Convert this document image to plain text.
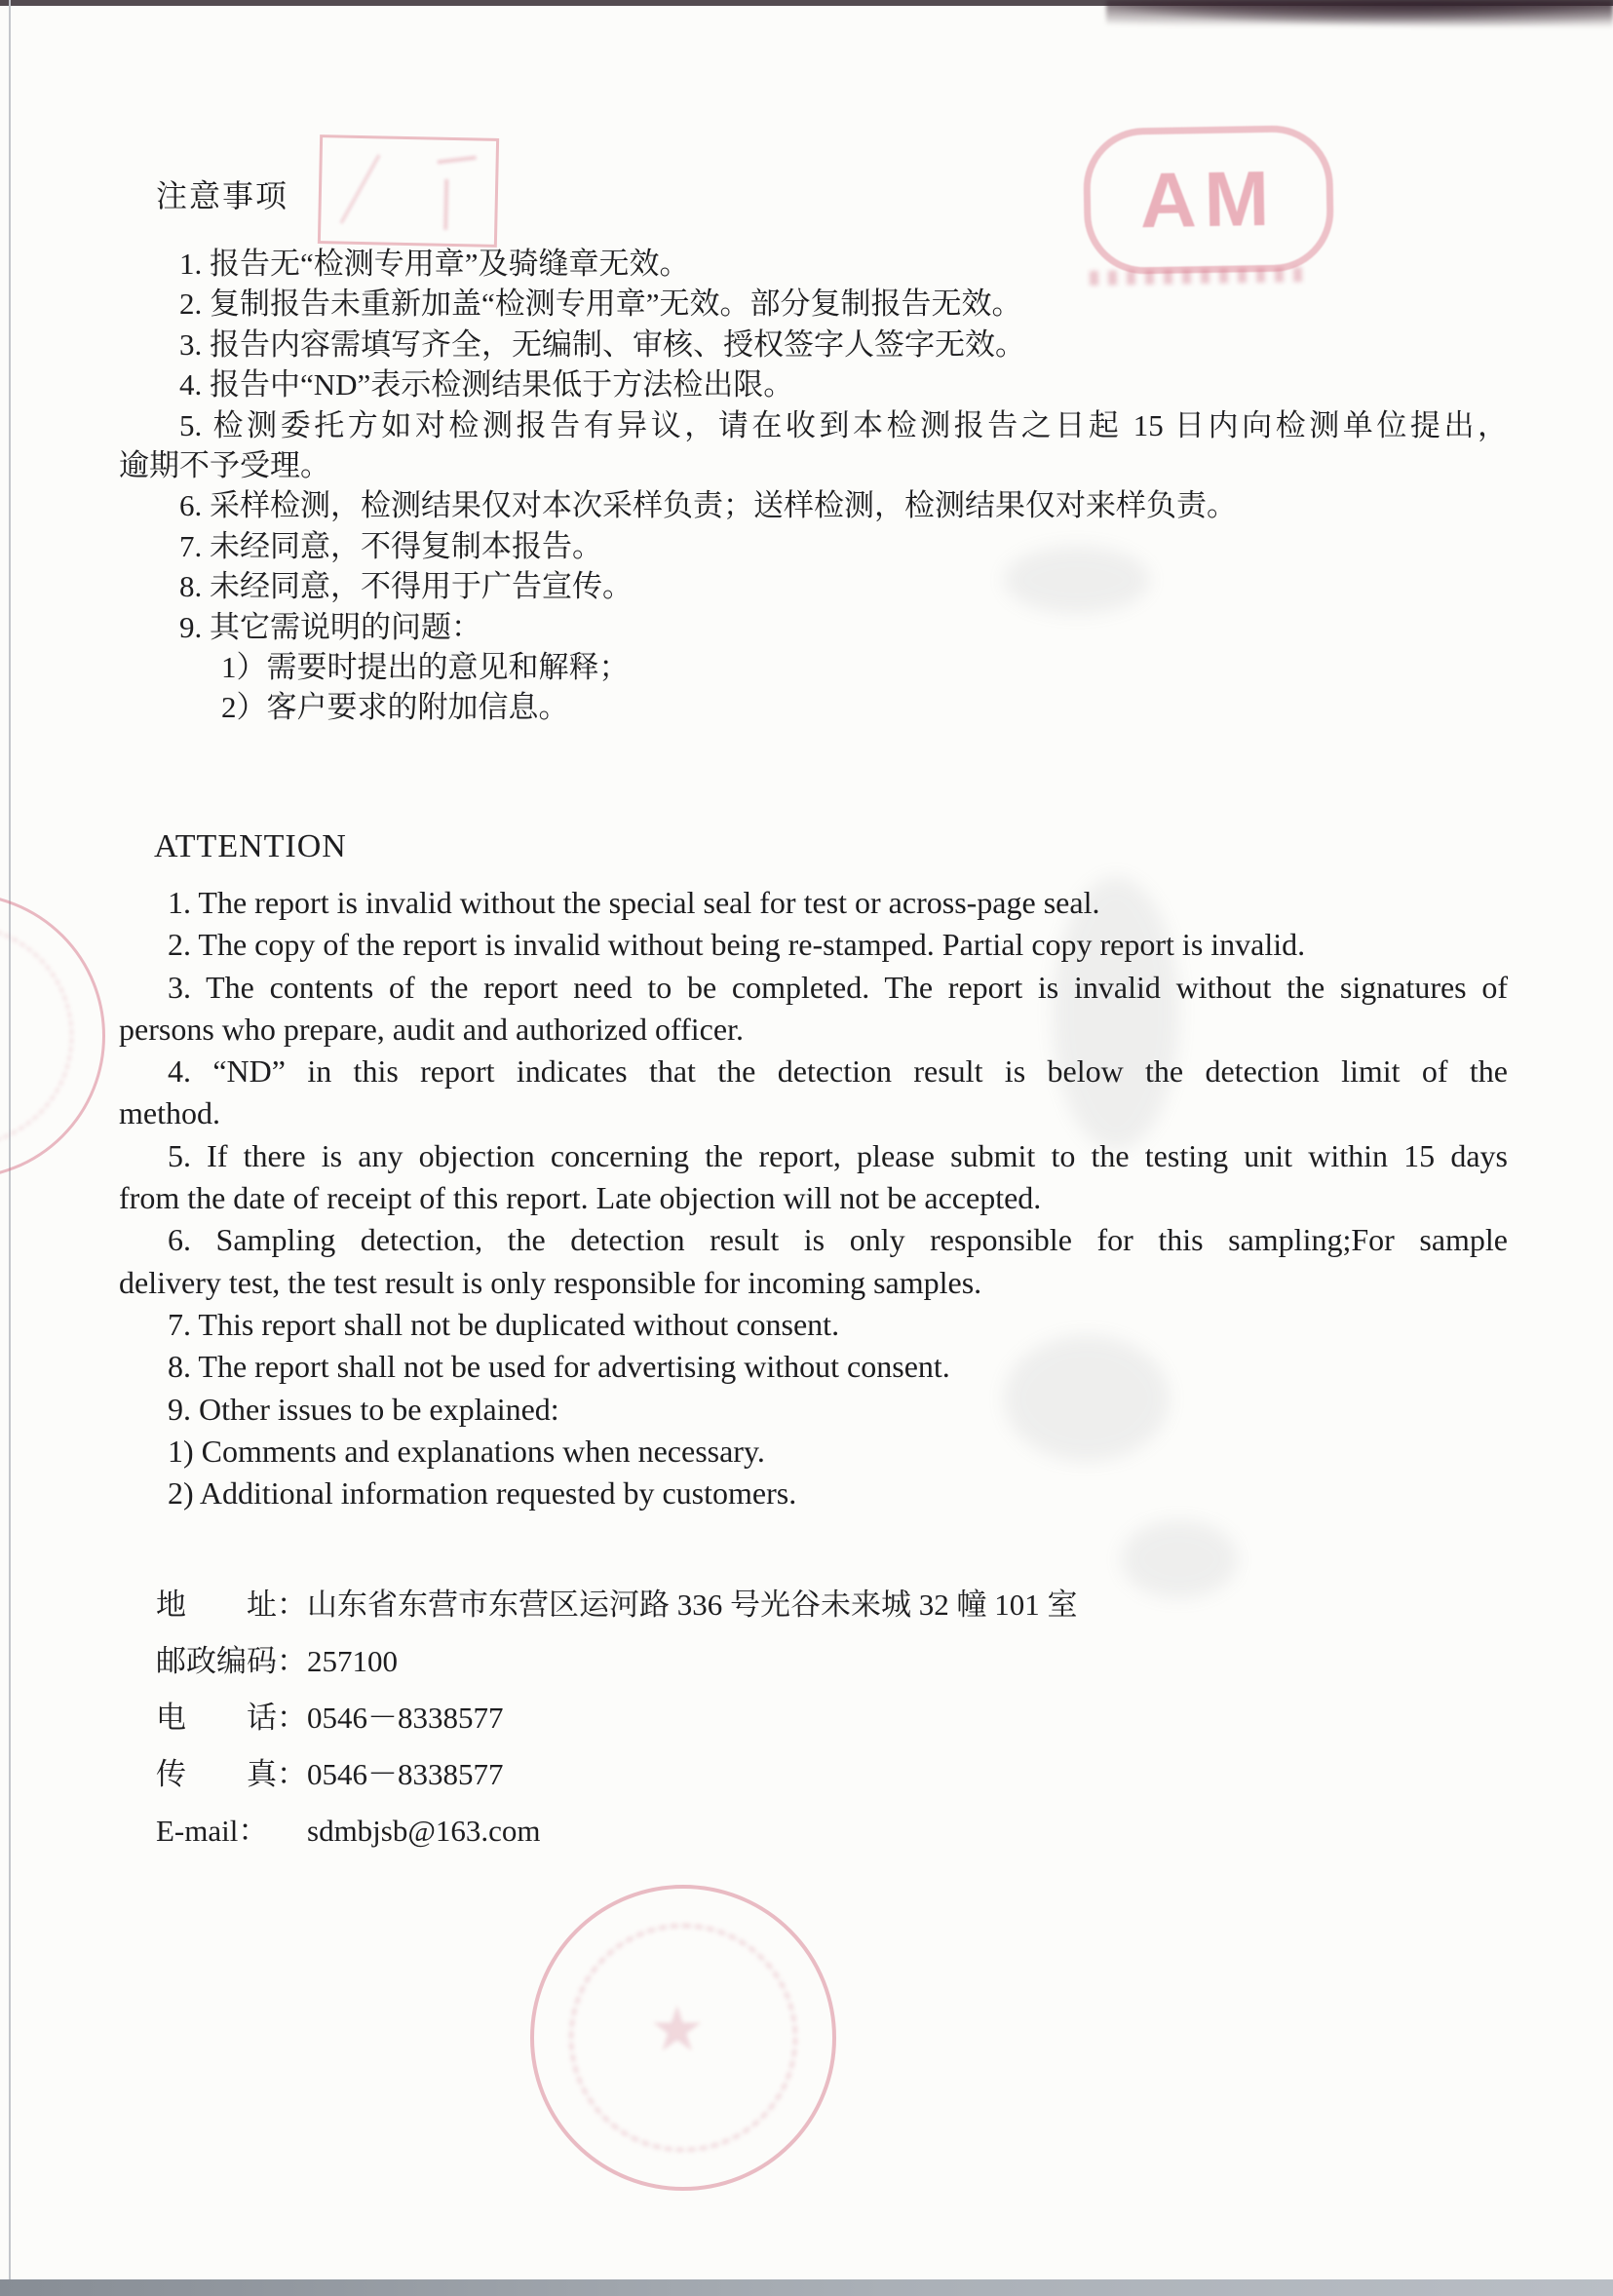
AM
★
注意事项
1. 报告无“检测专用章”及骑缝章无效。
2. 复制报告未重新加盖“检测专用章”无效。部分复制报告无效。
3. 报告内容需填写齐全，无编制、审核、授权签字人签字无效。
4. 报告中“ND”表示检测结果低于方法检出限。
5. 检测委托方如对检测报告有异议，请在收到本检测报告之日起 15 日内向检测单位提出，
逾期不予受理。
6. 采样检测，检测结果仅对本次采样负责；送样检测，检测结果仅对来样负责。
7. 未经同意，不得复制本报告。
8. 未经同意，不得用于广告宣传。
9. 其它需说明的问题：
1）需要时提出的意见和解释；
2）客户要求的附加信息。
ATTENTION
1. The report is invalid without the special seal for test or across-page seal.
2. The copy of the report is invalid without being re-stamped. Partial copy report is invalid.
3. The contents of the report need to be completed. The report is invalid without the signatures of
persons who prepare, audit and authorized officer.
4. “ND” in this report indicates that the detection result is below the detection limit of the
method.
5. If there is any objection concerning the report, please submit to the testing unit within 15 days
from the date of receipt of this report. Late objection will not be accepted.
6. Sampling detection, the detection result is only responsible for this sampling;For sample
delivery test, the test result is only responsible for incoming samples.
7. This report shall not be duplicated without consent.
8. The report shall not be used for advertising without consent.
9. Other issues to be explained:
1) Comments and explanations when necessary.
2) Additional information requested by customers.
地　　址：山东省东营市东营区运河路 336 号光谷未来城 32 幢 101 室
邮政编码：257100
电　　话：0546－8338577
传　　真：0546－8338577
E-mail： sdmbjsb@163.com
